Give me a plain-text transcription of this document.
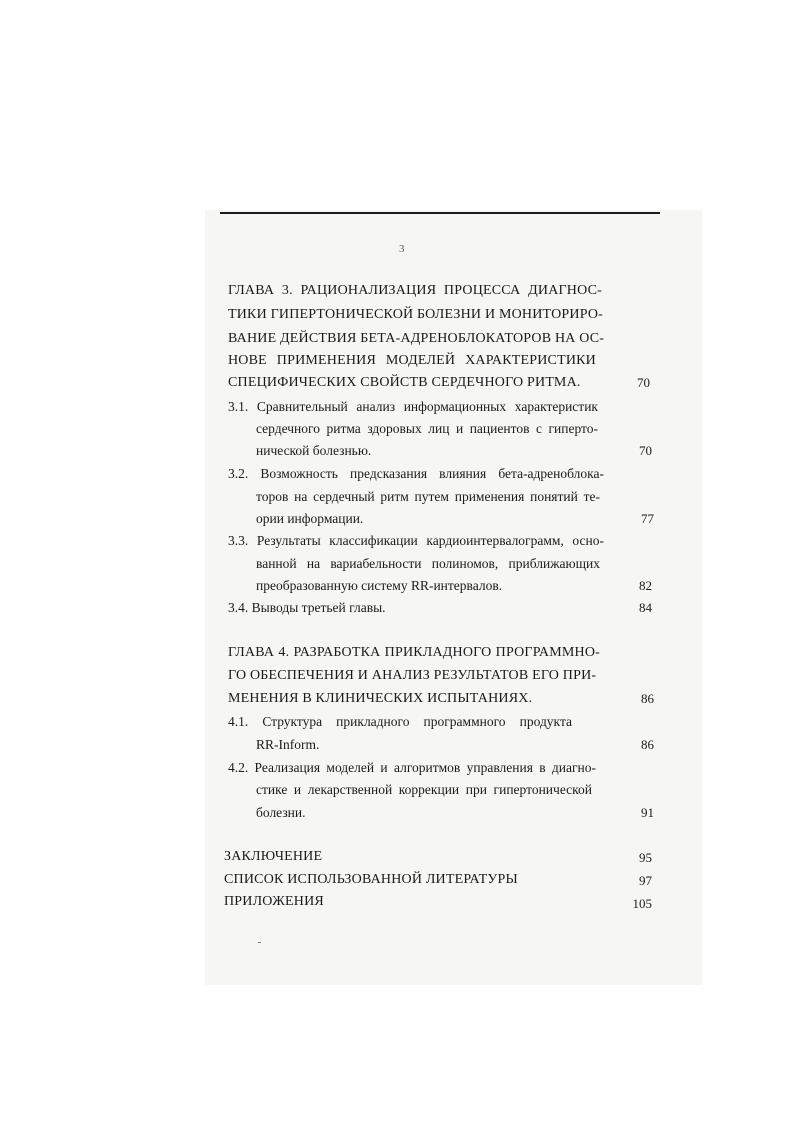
3
ГЛАВА 3. РАЦИОНАЛИЗАЦИЯ ПРОЦЕССА ДИАГНОС-
ТИКИ ГИПЕРТОНИЧЕСКОЙ БОЛЕЗНИ И МОНИТОРИРО-
ВАНИЕ ДЕЙСТВИЯ БЕТА-АДРЕНОБЛОКАТОРОВ НА ОС-
НОВЕ ПРИМЕНЕНИЯ МОДЕЛЕЙ ХАРАКТЕРИСТИКИ
СПЕЦИФИЧЕСКИХ СВОЙСТВ СЕРДЕЧНОГО РИТМА.	70
3.1. Сравнительный анализ информационных характеристик
сердечного ритма здоровых лиц и пациентов с гиперто-
нической болезнью.	70
3.2. Возможность предсказания влияния бета-адреноблока-
торов на сердечный ритм путем применения понятий те-
ории информации.	77
3.3. Результаты классификации кардиоинтервалограмм, осно-
ванной на вариабельности полиномов, приближающих
преобразованную систему RR-интервалов.	82
3.4. Выводы третьей главы.	84
ГЛАВА 4. РАЗРАБОТКА ПРИКЛАДНОГО ПРОГРАММНО-
ГО ОБЕСПЕЧЕНИЯ И АНАЛИЗ РЕЗУЛЬТАТОВ ЕГО ПРИ-
МЕНЕНИЯ В КЛИНИЧЕСКИХ ИСПЫТАНИЯХ.	86
4.1. Структура прикладного программного продукта
RR-Inform.	86
4.2. Реализация моделей и алгоритмов управления в диагно-
стике и лекарственной коррекции при гипертонической
болезни.	91
ЗАКЛЮЧЕНИЕ	95
СПИСОК ИСПОЛЬЗОВАННОЙ ЛИТЕРАТУРЫ	97
ПРИЛОЖЕНИЯ	105
